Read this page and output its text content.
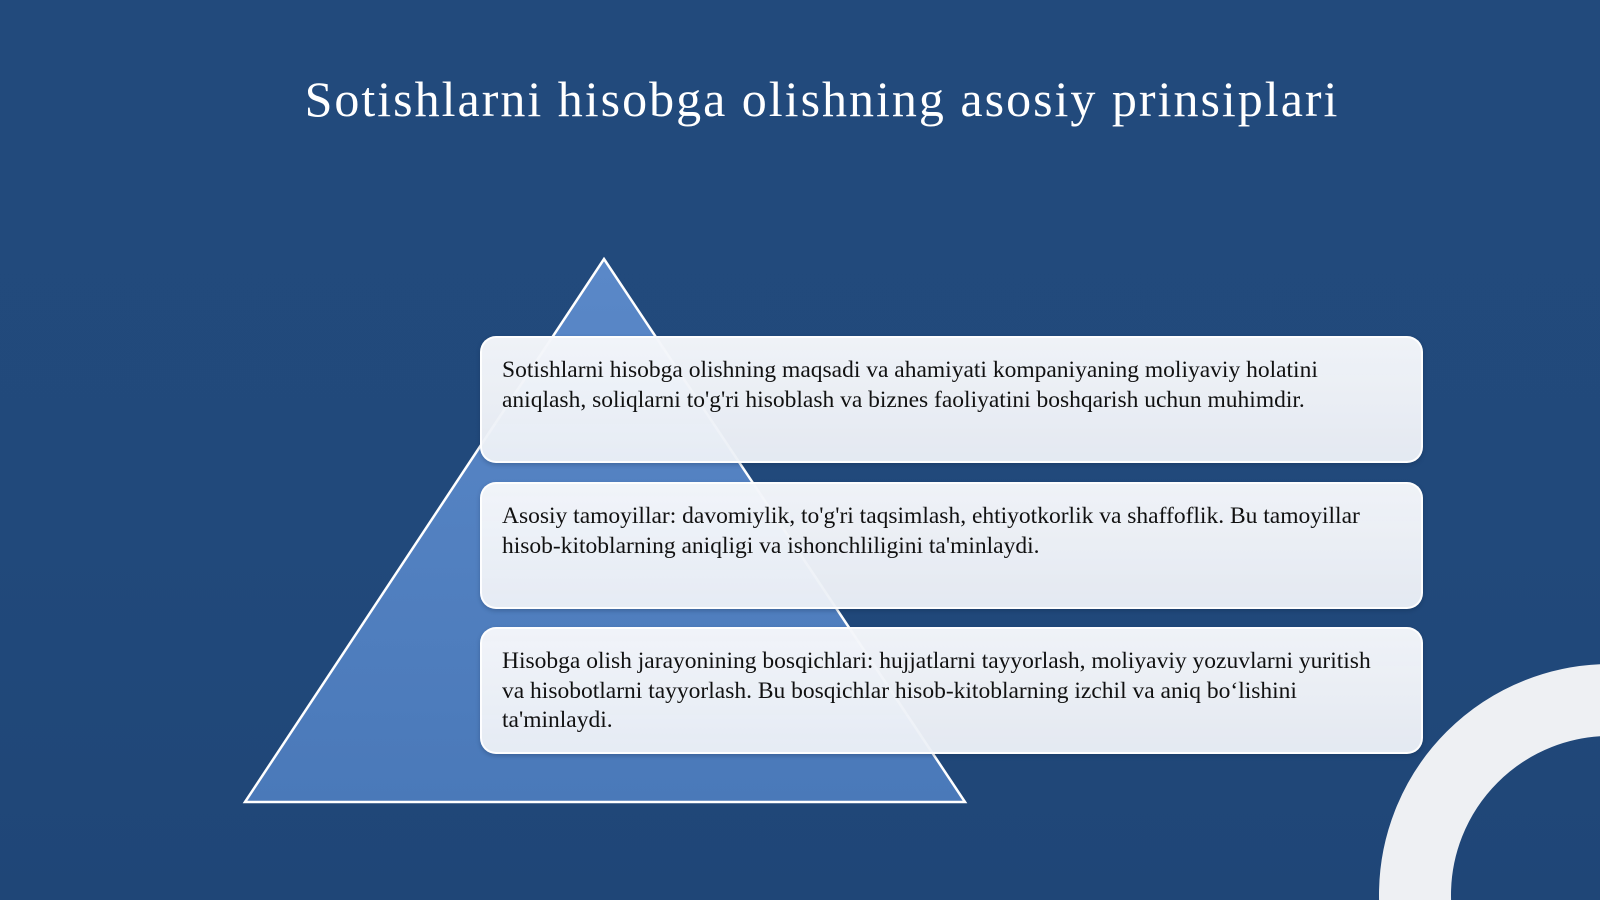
Sotishlarni hisobga olishning asosiy prinsiplari
Sotishlarni hisobga olishning maqsadi va ahamiyati kompaniyaning moliyaviy holatini aniqlash, soliqlarni to'g'ri hisoblash va biznes faoliyatini boshqarish uchun muhimdir.
Asosiy tamoyillar: davomiylik, to'g'ri taqsimlash, ehtiyotkorlik va shaffoflik. Bu tamoyillar hisob-kitoblarning aniqligi va ishonchliligini ta'minlaydi.
Hisobga olish jarayonining bosqichlari: hujjatlarni tayyorlash, moliyaviy yozuvlarni yuritish va hisobotlarni tayyorlash. Bu bosqichlar hisob-kitoblarning izchil va aniq bo‘lishini ta'minlaydi.
